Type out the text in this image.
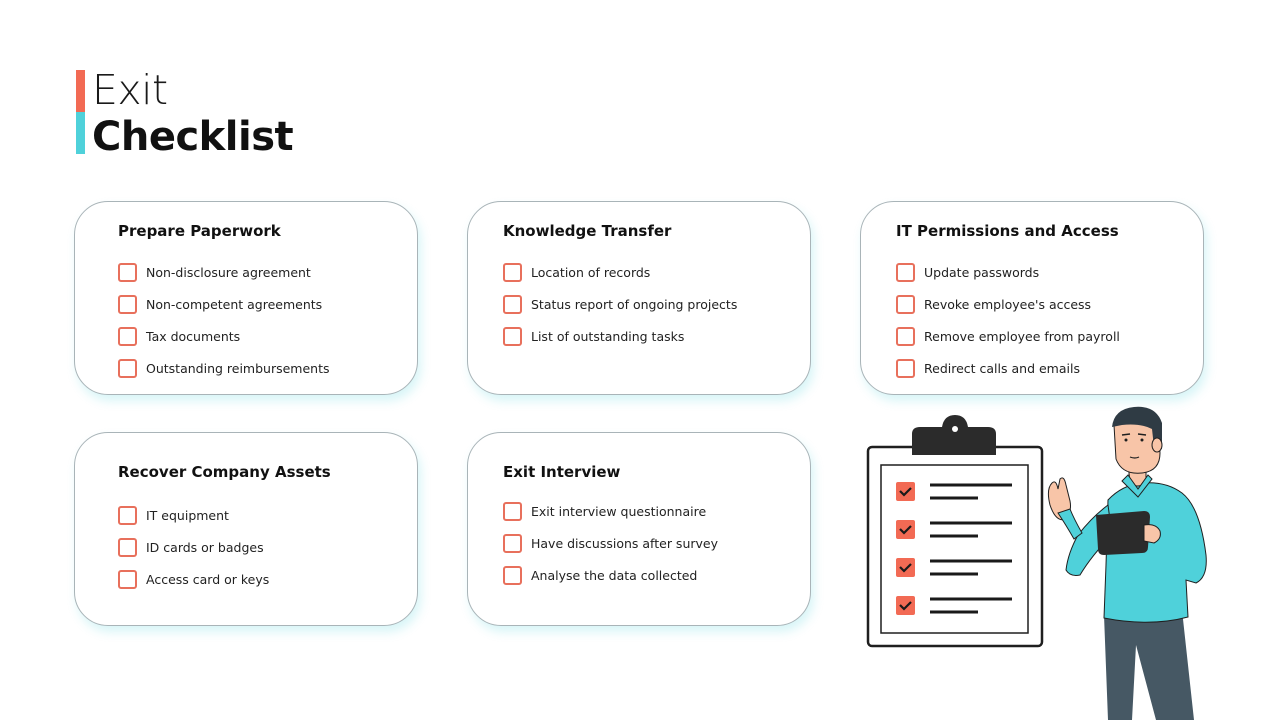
Exit
Checklist
Prepare Paperwork
Non-disclosure agreement
Non-competent agreements
Tax documents
Outstanding reimbursements
Knowledge Transfer
Location of records
Status report of ongoing projects
List of outstanding tasks
IT Permissions and Access
Update passwords
Revoke employee's access
Remove employee from payroll
Redirect calls and emails
Recover Company Assets
IT equipment
ID cards or badges
Access card or keys
Exit Interview
Exit interview questionnaire
Have discussions after survey
Analyse the data collected
